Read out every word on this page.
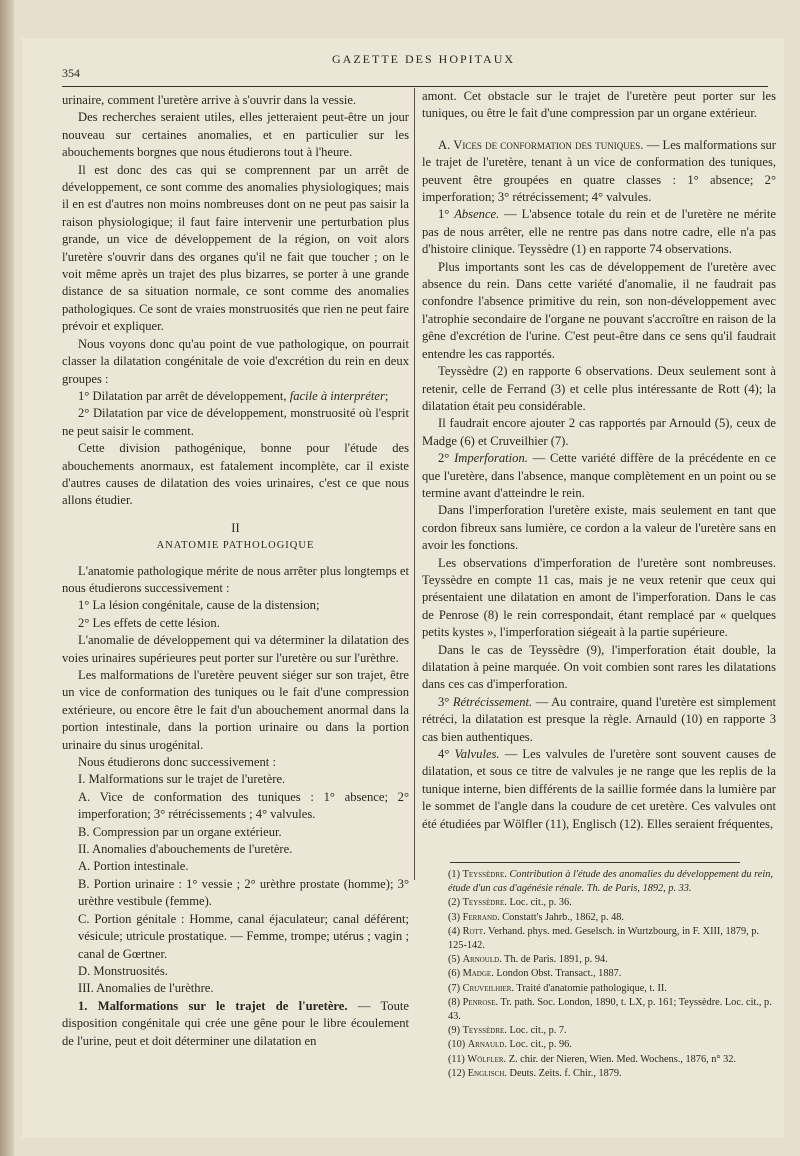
354
GAZETTE DES HOPITAUX

urinaire, comment l'uretère arrive à s'ouvrir dans la vessie.

Des recherches seraient utiles, elles jetteraient peut-être un jour nouveau sur certaines anomalies, et en particulier sur les abouchements borgnes que nous étudierons tout à l'heure.

Il est donc des cas qui se comprennent par un arrêt de développement, ce sont comme des anomalies physiologiques; mais il en est d'autres non moins nombreuses dont on ne peut pas saisir la raison physiologique; il faut faire intervenir une perturbation plus grande, un vice de développement de la région, on voit alors l'uretère s'ouvrir dans des organes qu'il ne fait que toucher ; on le voit même après un trajet des plus bizarres, se porter à une grande distance de sa situation normale, ce sont comme des anomalies pathologiques. Ce sont de vraies monstruosités que rien ne peut faire prévoir et expliquer.

Nous voyons donc qu'au point de vue pathologique, on pourrait classer la dilatation congénitale de voie d'excrétion du rein en deux groupes :

1° Dilatation par arrêt de développement, facile à interpréter;

2° Dilatation par vice de développement, monstruosité où l'esprit ne peut saisir le comment.

Cette division pathogénique, bonne pour l'étude des abouchements anormaux, est fatalement incomplète, car il existe d'autres causes de dilatation des voies urinaires, c'est ce que nous allons étudier.

II

ANATOMIE PATHOLOGIQUE

L'anatomie pathologique mérite de nous arrêter plus longtemps et nous étudierons successivement :

1° La lésion congénitale, cause de la distension;

2° Les effets de cette lésion.

L'anomalie de développement qui va déterminer la dilatation des voies urinaires supérieures peut porter sur l'uretère ou sur l'urèthre.

Les malformations de l'uretère peuvent siéger sur son trajet, être un vice de conformation des tuniques ou le fait d'une compression extérieure, ou encore être le fait d'un abouchement anormal dans la portion intestinale, dans la portion urinaire ou dans la portion urinaire du sinus urogénital.

Nous étudierons donc successivement :

I. Malformations sur le trajet de l'uretère.

A. Vice de conformation des tuniques : 1° absence; 2° imperforation; 3° rétrécissements ; 4° valvules.

B. Compression par un organe extérieur.

II. Anomalies d'abouchements de l'uretère.

A. Portion intestinale.

B. Portion urinaire : 1° vessie ; 2° urèthre prostate (homme); 3° urèthre vestibule (femme).

C. Portion génitale : Homme, canal éjaculateur; canal déférent; vésicule; utricule prostatique. — Femme, trompe; utérus ; vagin ; canal de Gœrtner.

D. Monstruosités.

III. Anomalies de l'urèthre.

1. Malformations sur le trajet de l'uretère. — Toute disposition congénitale qui crée une gêne pour le libre écoulement de l'urine, peut et doit déterminer une dilatation en

amont. Cet obstacle sur le trajet de l'uretère peut porter sur les tuniques, ou être le fait d'une compression par un organe extérieur.

A. Vices de conformation des tuniques. — Les malformations sur le trajet de l'uretère, tenant à un vice de conformation des tuniques, peuvent être groupées en quatre classes : 1° absence; 2° imperforation; 3° rétrécissement; 4° valvules.

1° Absence. — L'absence totale du rein et de l'uretère ne mérite pas de nous arrêter, elle ne rentre pas dans notre cadre, elle n'a pas d'histoire clinique. Teyssèdre (1) en rapporte 74 observations.

Plus importants sont les cas de développement de l'uretère avec absence du rein. Dans cette variété d'anomalie, il ne faudrait pas confondre l'absence primitive du rein, son non-développement avec l'atrophie secondaire de l'organe ne pouvant s'accroître en raison de la gêne d'excrétion de l'urine. C'est peut-être dans ce sens qu'il faudrait entendre les cas rapportés.

Teyssèdre (2) en rapporte 6 observations. Deux seulement sont à retenir, celle de Ferrand (3) et celle plus intéressante de Rott (4); la dilatation était peu considérable.

Il faudrait encore ajouter 2 cas rapportés par Arnould (5), ceux de Madge (6) et Cruveilhier (7).

2° Imperforation. — Cette variété diffère de la précédente en ce que l'uretère, dans l'absence, manque complètement en un point ou se termine avant d'atteindre le rein.

Dans l'imperforation l'uretère existe, mais seulement en tant que cordon fibreux sans lumière, ce cordon a la valeur de l'uretère sans en avoir les fonctions.

Les observations d'imperforation de l'uretère sont nombreuses. Teyssèdre en compte 11 cas, mais je ne veux retenir que ceux qui présentaient une dilatation en amont de l'imperforation. Dans le cas de Penrose (8) le rein correspondait, étant remplacé par « quelques petits kystes », l'imperforation siégeait à la partie supérieure.

Dans le cas de Teyssèdre (9), l'imperforation était double, la dilatation à peine marquée. On voit combien sont rares les dilatations dans ces cas d'imperforation.

3° Rétrécissement. — Au contraire, quand l'uretère est simplement rétréci, la dilatation est presque la règle. Arnauld (10) en rapporte 3 cas bien authentiques.

4° Valvules. — Les valvules de l'uretère sont souvent causes de dilatation, et sous ce titre de valvules je ne range que les replis de la tunique interne, bien différents de la saillie formée dans la lumière par le sommet de l'angle dans la coudure de cet uretère. Ces valvules ont été étudiées par Wölfler (11), Englisch (12). Elles seraient fréquentes,

(1) Teyssèdre. Contribution à l'étude des anomalies du développement du rein, étude d'un cas d'agénésie rénale. Th. de Paris, 1892, p. 33.
(2) Teyssèdre. Loc. cit., p. 36.
(3) Ferrand. Constatt's Jahrb., 1862, p. 48.
(4) Rott. Verhand. phys. med. Geselsch. in Wurtzbourg, in F. XIII, 1879, p. 125-142.
(5) Arnould. Th. de Paris. 1891, p. 94.
(6) Madge. London Obst. Transact., 1887.
(7) Cruveilhier. Traité d'anatomie pathologique, t. II.
(8) Penrose. Tr. path. Soc. London, 1890, t. LX, p. 161; Teyssèdre. Loc. cit., p. 43.
(9) Teyssèdre. Loc. cit., p. 7.
(10) Arnauld. Loc. cit., p. 96.
(11) Wölfler. Z. chir. der Nieren, Wien. Med. Wochens., 1876, n° 32.
(12) Englisch. Deuts. Zeits. f. Chir., 1879.
